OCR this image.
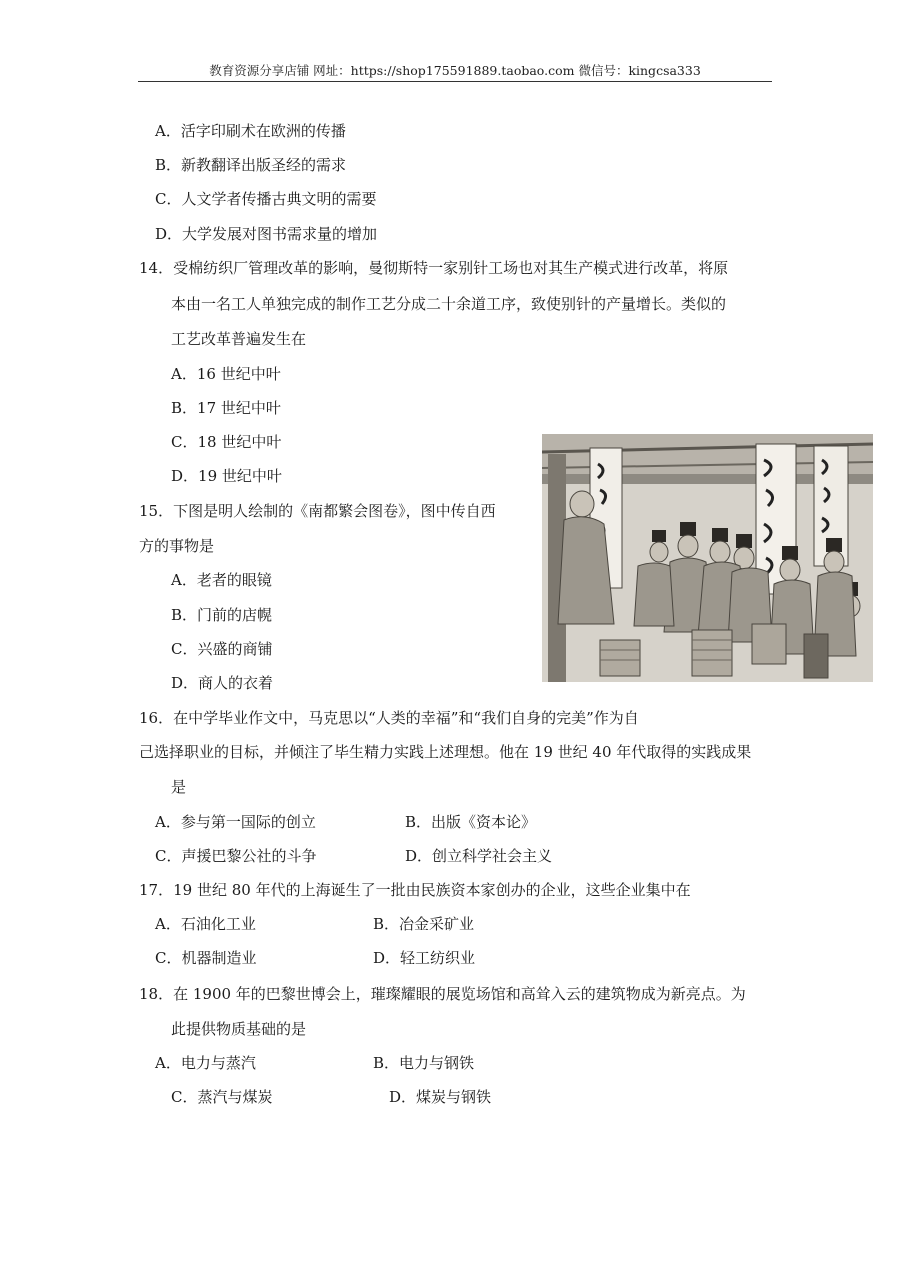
教育资源分享店铺 网址：https://shop175591889.taobao.com 微信号：kingcsa333
A．活字印刷术在欧洲的传播
B．新教翻译出版圣经的需求
C．人文学者传播古典文明的需要
D．大学发展对图书需求量的增加
14．受棉纺织厂管理改革的影响，曼彻斯特一家别针工场也对其生产模式进行改革，将原
本由一名工人单独完成的制作工艺分成二十余道工序，致使别针的产量增长。类似的
工艺改革普遍发生在
A．16 世纪中叶
B．17 世纪中叶
C．18 世纪中叶
D．19 世纪中叶
15．下图是明人绘制的《南都繁会图卷》，图中传自西
方的事物是
A．老者的眼镜
B．门前的店幌
C．兴盛的商铺
D．商人的衣着
16．在中学毕业作文中，马克思以“人类的幸福”和“我们自身的完美”作为自
己选择职业的目标，并倾注了毕生精力实践上述理想。他在 19 世纪 40 年代取得的实践成果
是
A．参与第一国际的创立	B．出版《资本论》
C．声援巴黎公社的斗争	D．创立科学社会主义
17．19 世纪 80 年代的上海诞生了一批由民族资本家创办的企业，这些企业集中在
A．石油化工业	B．冶金采矿业
C．机器制造业	D．轻工纺织业
18．在 1900 年的巴黎世博会上，璀璨耀眼的展览场馆和高耸入云的建筑物成为新亮点。为
此提供物质基础的是
A．电力与蒸汽	B．电力与钢铁
C．蒸汽与煤炭	D．煤炭与钢铁
